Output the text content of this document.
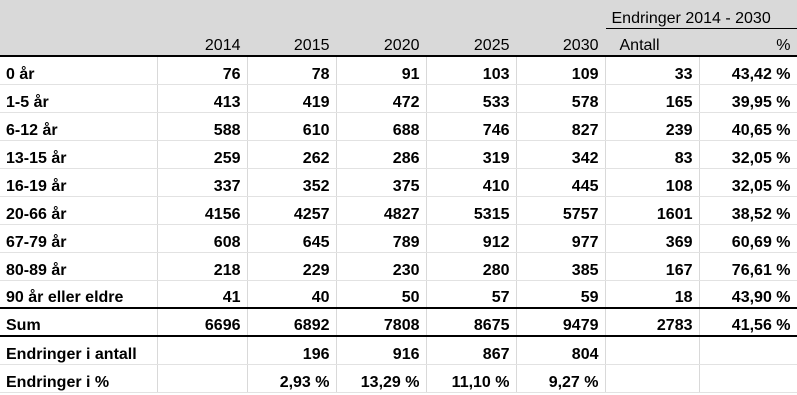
						Endringer 2014 - 2030	
	2014	2015	2020	2025	2030	Antall	%
0 år	76	78	91	103	109	33	43,42 %
1-5 år	413	419	472	533	578	165	39,95 %
6-12 år	588	610	688	746	827	239	40,65 %
13-15 år	259	262	286	319	342	83	32,05 %
16-19 år	337	352	375	410	445	108	32,05 %
20-66 år	4156	4257	4827	5315	5757	1601	38,52 %
67-79 år	608	645	789	912	977	369	60,69 %
80-89 år	218	229	230	280	385	167	76,61 %
90 år eller eldre	41	40	50	57	59	18	43,90 %
Sum	6696	6892	7808	8675	9479	2783	41,56 %
Endringer i antall		196	916	867	804		
Endringer i %		2,93 %	13,29 %	11,10 %	9,27 %		
